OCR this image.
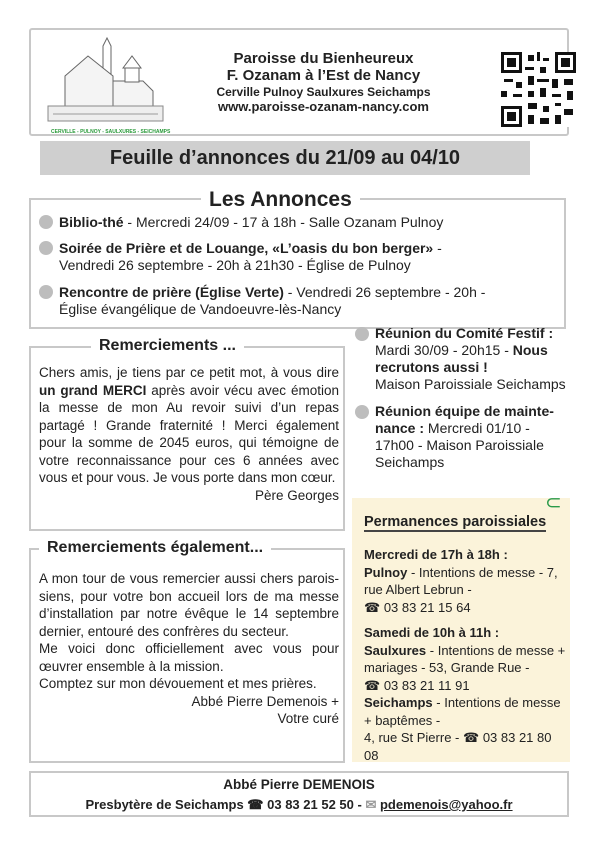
CERVILLE - PULNOY - SAULXURES - SEICHAMPS
Paroisse du Bienheureux
F. Ozanam à l’Est de Nancy
Cerville Pulnoy Saulxures Seichamps
www.paroisse-ozanam-nancy.com
Feuille d’annonces du 21/09 au 04/10
Les Annonces
Biblio-thé - Mercredi 24/09 - 17 à 18h - Salle Ozanam Pulnoy
Soirée de Prière et de Louange, «L’oasis du bon berger» -
Vendredi 26 septembre - 20h à 21h30 - Église de Pulnoy
Rencontre de prière (Église Verte) - Vendredi 26 septembre - 20h -
Église évangélique de Vandoeuvre-lès-Nancy
Remerciements ...
Chers amis, je tiens par ce petit mot, à vous dire un grand MERCI après avoir vécu avec émotion la messe de mon Au revoir suivi d’un repas partagé ! Grande fraternité ! Merci également pour la somme de 2045 euros, qui témoigne de votre reconnaissance pour ces 6 années avec vous et pour vous. Je vous porte dans mon cœur.
Père Georges
Remerciements également...
A mon tour de vous remercier aussi chers parois-siens, pour votre bon accueil lors de ma messe d’installation par notre évêque le 14 septembre dernier, entouré des confrères du secteur.
Me voici donc officiellement avec vous pour œuvrer ensemble à la mission.
Comptez sur mon dévouement et mes prières.
Abbé Pierre Demenois +
Votre curé
Réunion du Comité Festif :
Mardi 30/09 - 20h15 - Nous recrutons aussi !
Maison Paroissiale Seichamps
Réunion équipe de mainte-nance : Mercredi 01/10 - 17h00 - Maison Paroissiale Seichamps
⊂
Permanences paroissiales
Mercredi de 17h à 18h :
Pulnoy - Intentions de messe - 7, rue Albert Lebrun -
☎ 03 83 21 15 64
Samedi de 10h à 11h :
Saulxures - Intentions de messe + mariages - 53, Grande Rue -
☎ 03 83 21 11 91
Seichamps - Intentions de messe + baptêmes -
4, rue St Pierre - ☎ 03 83 21 80 08
Abbé Pierre DEMENOIS
Presbytère de Seichamps ☎ 03 83 21 52 50 - ✉ pdemenois@yahoo.fr
